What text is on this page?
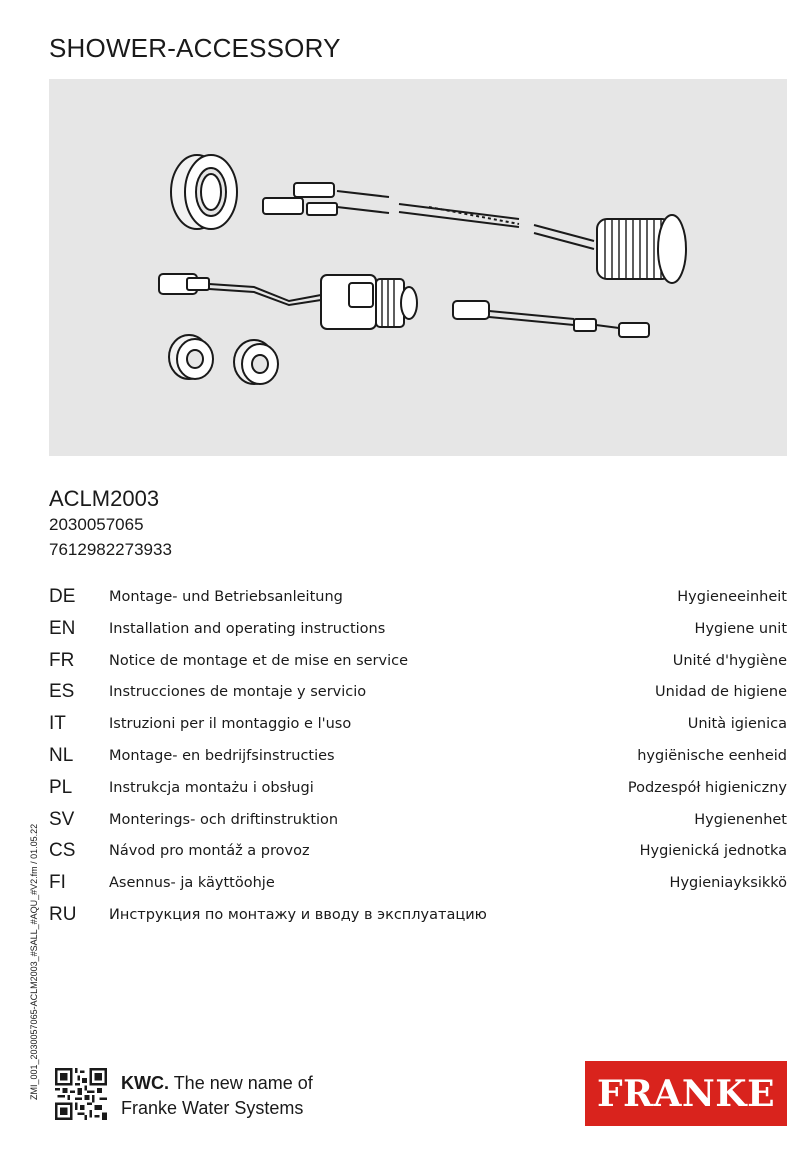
SHOWER-ACCESSORY
ACLM2003
2030057065
7612982273933
DE Montage- und Betriebsanleitung	Hygieneeinheit
EN Installation and operating instructions	Hygiene unit
FR Notice de montage et de mise en service	Unité d'hygiène
ES Instrucciones de montaje y servicio	Unidad de higiene
IT	Istruzioni per il montaggio e l'uso	Unità igienica
NL Montage- en bedrijfsinstructies	hygiënische eenheid
PL	Instrukcja montażu i obsługi	Podzespół higieniczny
SV Monterings- och driftinstruktion	Hygienenhet
CS Návod pro montáž a provoz	Hygienická jednotka
FI	Asennus- ja käyttöohje	Hygieniayksikkö
RU Инструкция по монтажу и вводу в эксплуатацию
ZMI_001_2030057065-ACLM2003_#SALL_#AQU_#V2.fm / 01.05.22	KWC. The new name of
Franke Water Systems	FRANKE
